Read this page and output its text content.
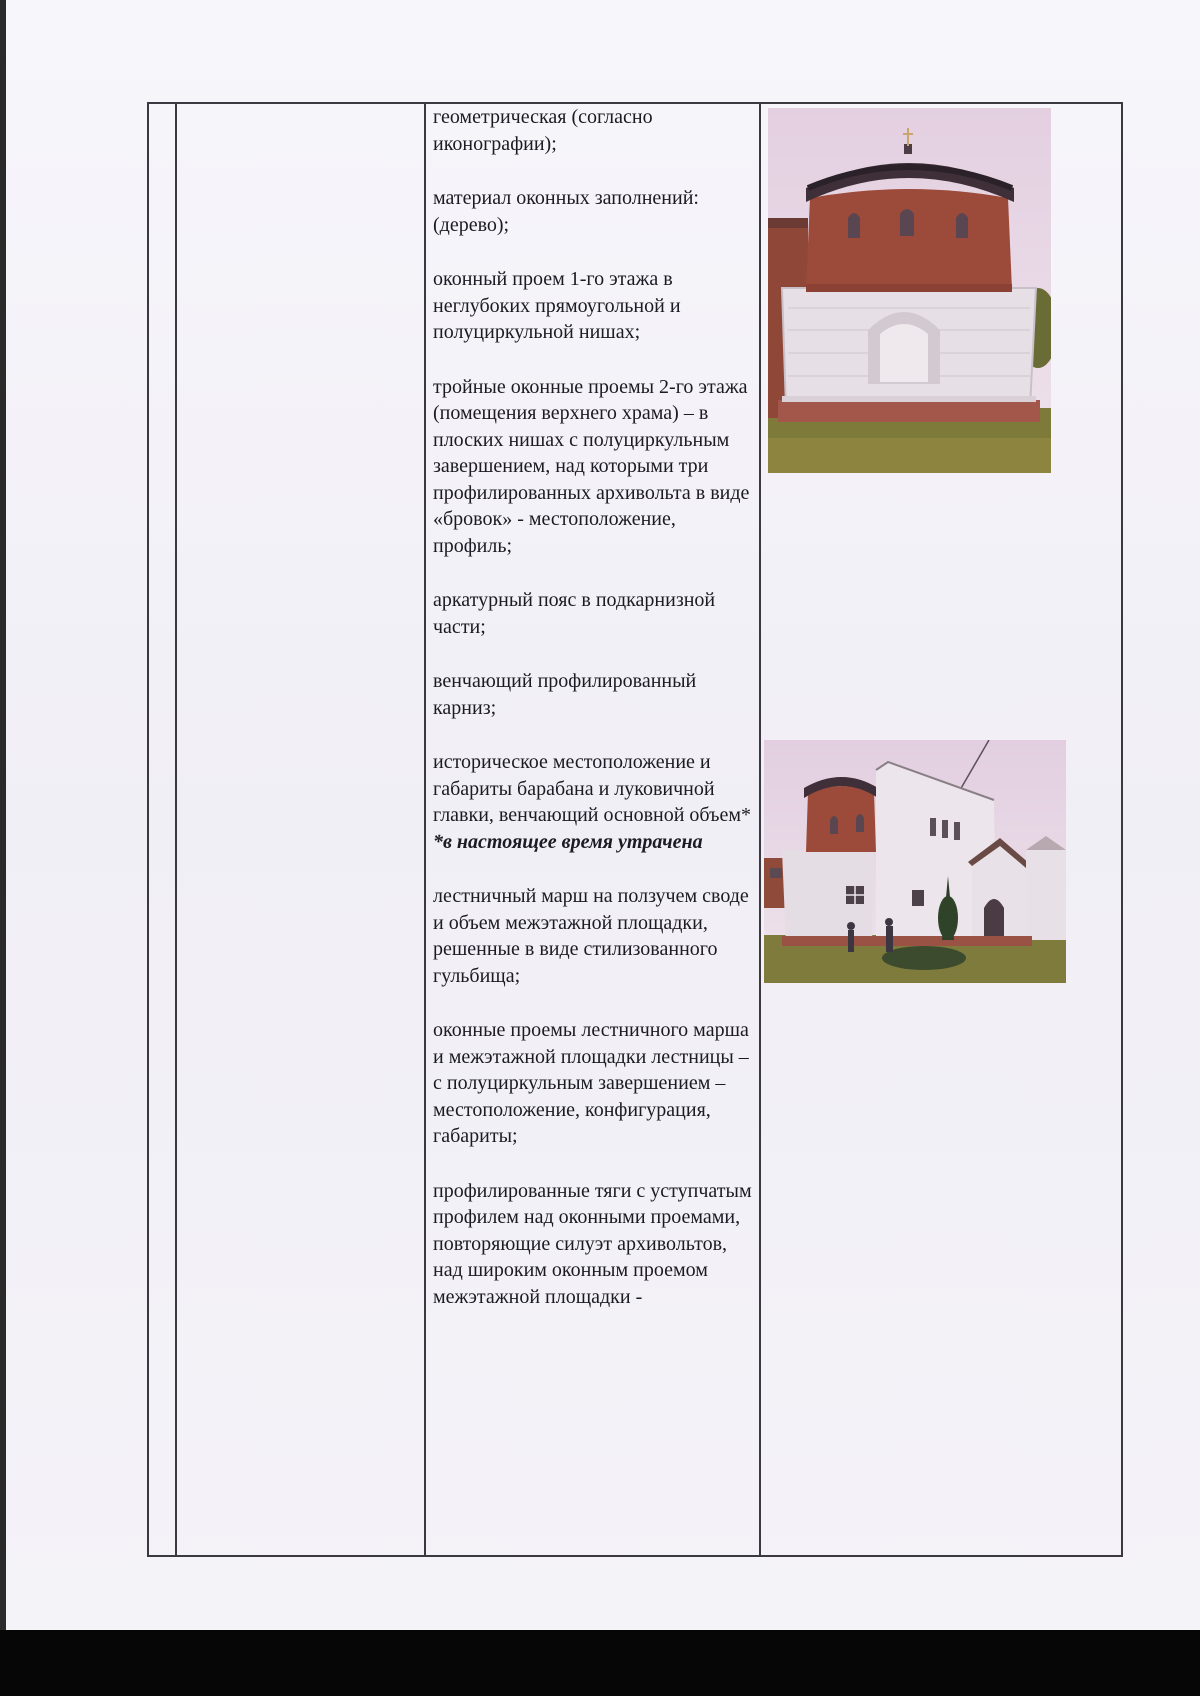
геометрическая (согласно иконографии);

материал оконных заполнений: (дерево);

оконный проем 1-го этажа в неглубоких прямоугольной и полуциркульной нишах;

тройные оконные проемы 2-го этажа (помещения верхнего храма) – в плоских нишах с полуциркульным завершением, над которыми три профилированных архивольта в виде «бровок» - местоположение, профиль;

аркатурный пояс в подкарнизной части;

венчающий профилированный карниз;

историческое местоположение и габариты барабана и луковичной главки, венчающий основной объем*
*в настоящее время утрачена

лестничный марш на ползучем своде и объем межэтажной площадки, решенные в виде стилизованного гульбища;

оконные проемы лестничного марша и межэтажной площадки лестницы – с полуциркульным завершением – местоположение, конфигурация, габариты;

профилированные тяги с уступчатым профилем над оконными проемами, повторяющие силуэт архивольтов, над широким оконным проемом межэтажной площадки -
